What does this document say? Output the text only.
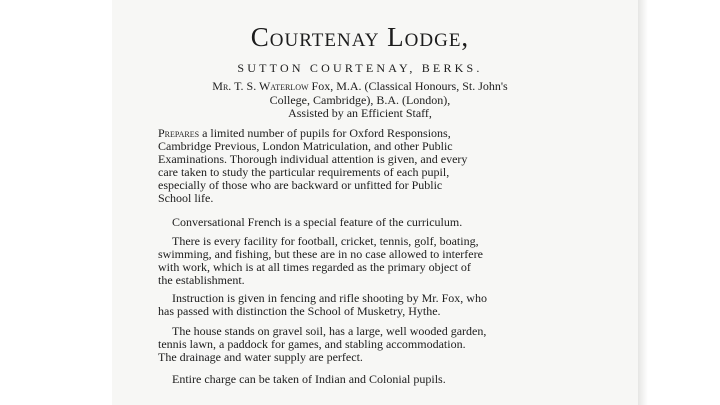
Courtenay Lodge,
SUTTON COURTENAY, BERKS.
Mr. T. S. Waterlow Fox, M.A. (Classical Honours, St. John's
College, Cambridge), B.A. (London),
Assisted by an Efficient Staff,
Prepares a limited number of pupils for Oxford Responsions,
Cambridge Previous, London Matriculation, and other Public
Examinations. Thorough individual attention is given, and every
care taken to study the particular requirements of each pupil,
especially of those who are backward or unfitted for Public
School life.
Conversational French is a special feature of the curriculum.
There is every facility for football, cricket, tennis, golf, boating,
swimming, and fishing, but these are in no case allowed to interfere
with work, which is at all times regarded as the primary object of
the establishment.
Instruction is given in fencing and rifle shooting by Mr. Fox, who
has passed with distinction the School of Musketry, Hythe.
The house stands on gravel soil, has a large, well wooded garden,
tennis lawn, a paddock for games, and stabling accommodation.
The drainage and water supply are perfect.
Entire charge can be taken of Indian and Colonial pupils.
